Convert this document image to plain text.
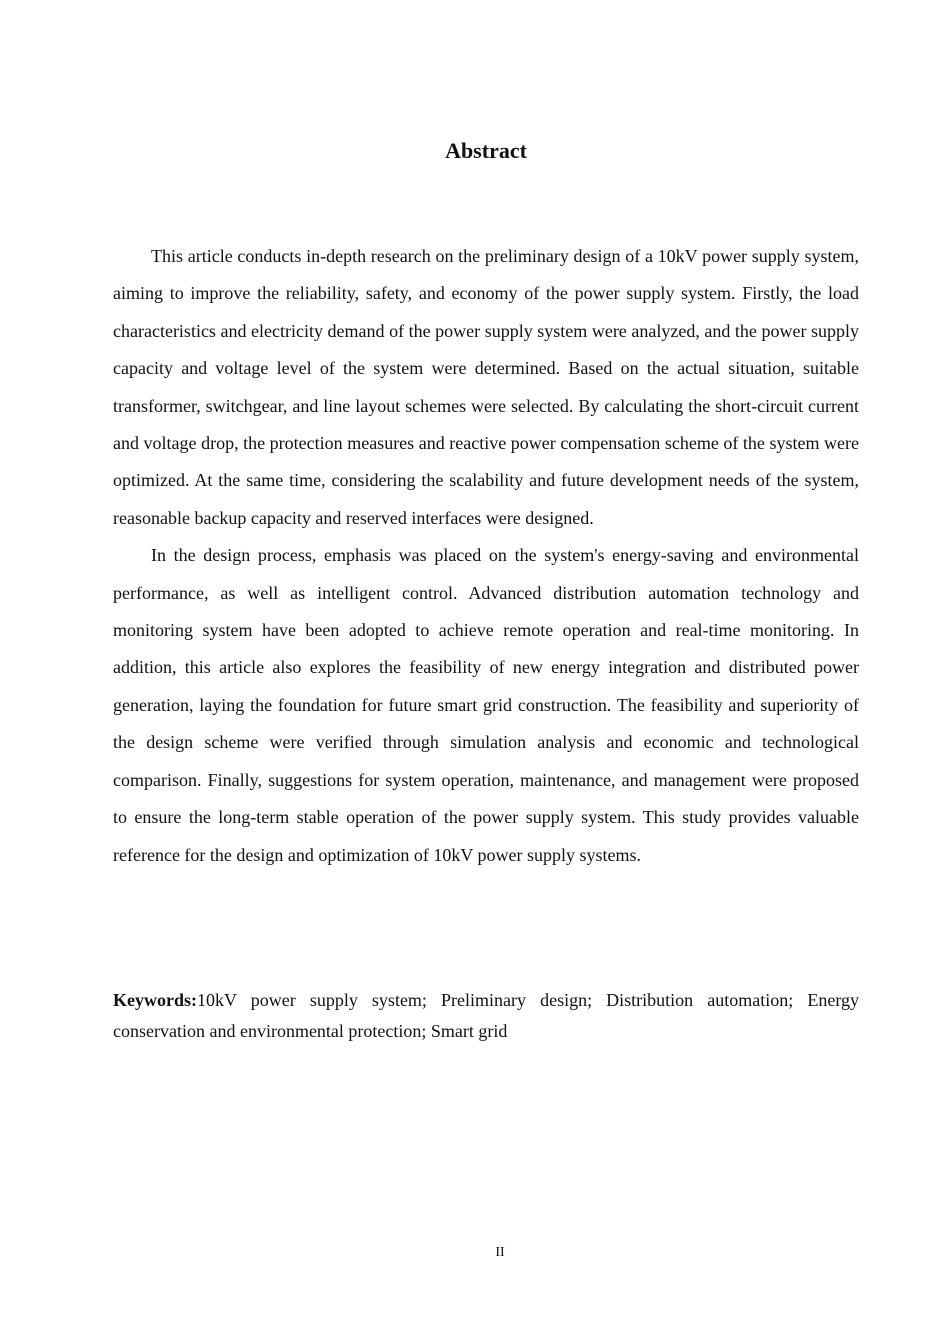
Abstract

This article conducts in-depth research on the preliminary design of a 10kV power supply system, aiming to improve the reliability, safety, and economy of the power supply system. Firstly, the load characteristics and electricity demand of the power supply system were analyzed, and the power supply capacity and voltage level of the system were determined. Based on the actual situation, suitable transformer, switchgear, and line layout schemes were selected. By calculating the short-circuit current and voltage drop, the protection measures and reactive power compensation scheme of the system were optimized. At the same time, considering the scalability and future development needs of the system, reasonable backup capacity and reserved interfaces were designed.

In the design process, emphasis was placed on the system's energy-saving and environmental performance, as well as intelligent control. Advanced distribution automation technology and monitoring system have been adopted to achieve remote operation and real-time monitoring. In addition, this article also explores the feasibility of new energy integration and distributed power generation, laying the foundation for future smart grid construction. The feasibility and superiority of the design scheme were verified through simulation analysis and economic and technological comparison. Finally, suggestions for system operation, maintenance, and management were proposed to ensure the long-term stable operation of the power supply system. This study provides valuable reference for the design and optimization of 10kV power supply systems.

Keywords:10kV power supply system; Preliminary design; Distribution automation; Energy conservation and environmental protection; Smart grid

II
